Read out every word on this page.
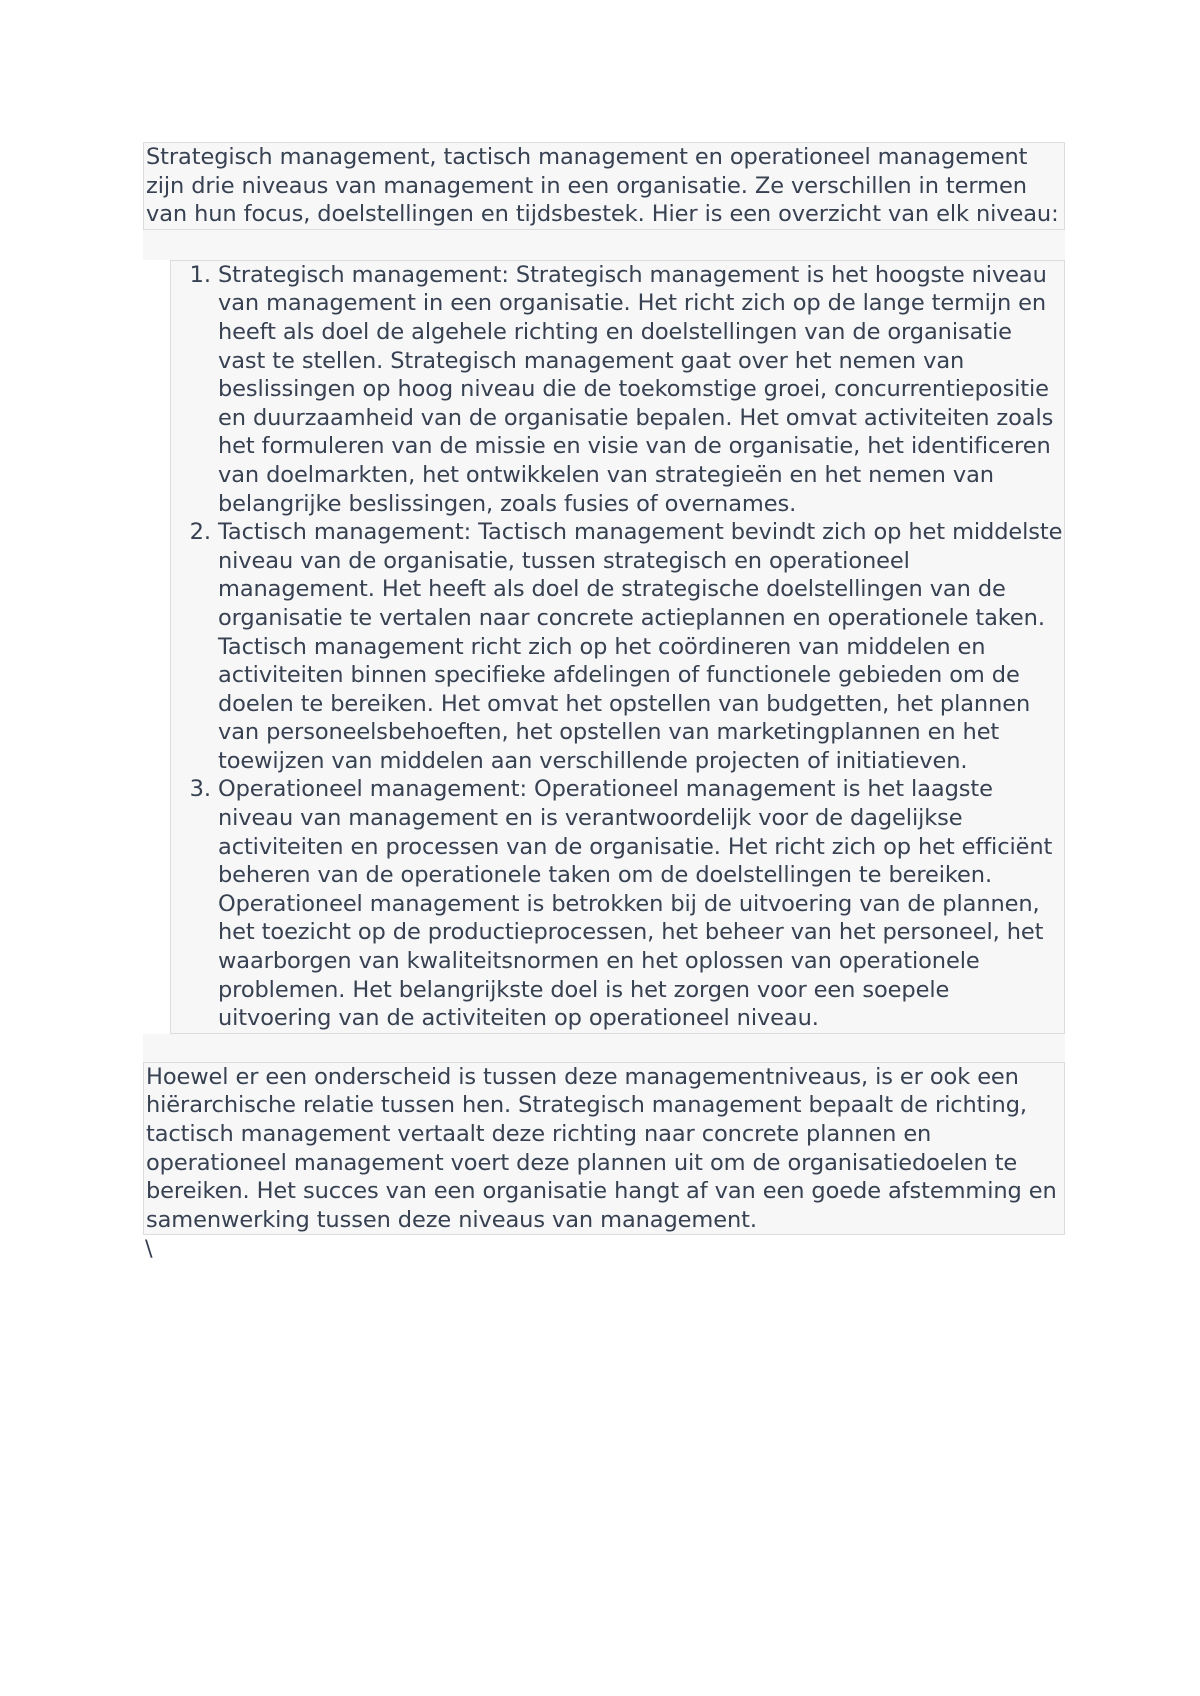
Strategisch management, tactisch management en operationeel management zijn drie niveaus van management in een organisatie. Ze verschillen in termen van hun focus, doelstellingen en tijdsbestek. Hier is een overzicht van elk niveau:
1. Strategisch management: Strategisch management is het hoogste niveau van management in een organisatie. Het richt zich op de lange termijn en heeft als doel de algehele richting en doelstellingen van de organisatie vast te stellen. Strategisch management gaat over het nemen van beslissingen op hoog niveau die de toekomstige groei, concurrentiepositie en duurzaamheid van de organisatie bepalen. Het omvat activiteiten zoals het formuleren van de missie en visie van de organisatie, het identificeren van doelmarkten, het ontwikkelen van strategieën en het nemen van belangrijke beslissingen, zoals fusies of overnames.
2. Tactisch management: Tactisch management bevindt zich op het middelste niveau van de organisatie, tussen strategisch en operationeel management. Het heeft als doel de strategische doelstellingen van de organisatie te vertalen naar concrete actieplannen en operationele taken. Tactisch management richt zich op het coördineren van middelen en activiteiten binnen specifieke afdelingen of functionele gebieden om de doelen te bereiken. Het omvat het opstellen van budgetten, het plannen van personeelsbehoeften, het opstellen van marketingplannen en het toewijzen van middelen aan verschillende projecten of initiatieven.
3. Operationeel management: Operationeel management is het laagste niveau van management en is verantwoordelijk voor de dagelijkse activiteiten en processen van de organisatie. Het richt zich op het efficiënt beheren van de operationele taken om de doelstellingen te bereiken. Operationeel management is betrokken bij de uitvoering van de plannen, het toezicht op de productieprocessen, het beheer van het personeel, het waarborgen van kwaliteitsnormen en het oplossen van operationele problemen. Het belangrijkste doel is het zorgen voor een soepele uitvoering van de activiteiten op operationeel niveau.
Hoewel er een onderscheid is tussen deze managementniveaus, is er ook een hiërarchische relatie tussen hen. Strategisch management bepaalt de richting, tactisch management vertaalt deze richting naar concrete plannen en operationeel management voert deze plannen uit om de organisatiedoelen te bereiken. Het succes van een organisatie hangt af van een goede afstemming en samenwerking tussen deze niveaus van management.
\
